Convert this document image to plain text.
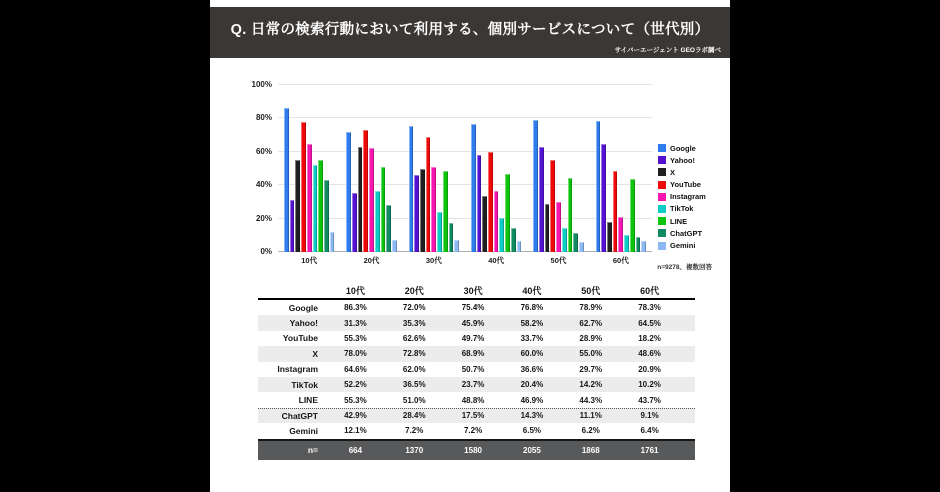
Q. 日常の検索行動において利用する、個別サービスについて（世代別）
サイバーエージェント GEOラボ調べ
0%
20%
40%
60%
80%
100%
10代	20代	30代	40代	50代	60代
Google
Yahoo!
X
YouTube
Instagram
TikTok
LINE
ChatGPT
Gemini
n=9278、複数回答
10代	20代	30代	40代	50代	60代
Google	86.3%	72.0%	75.4%	76.8%	78.9%	78.3%
Yahoo!	31.3%	35.3%	45.9%	58.2%	62.7%	64.5%
YouTube	55.3%	62.6%	49.7%	33.7%	28.9%	18.2%
X	78.0%	72.8%	68.9%	60.0%	55.0%	48.6%
Instagram	64.6%	62.0%	50.7%	36.6%	29.7%	20.9%
TikTok	52.2%	36.5%	23.7%	20.4%	14.2%	10.2%
LINE	55.3%	51.0%	48.8%	46.9%	44.3%	43.7%
ChatGPT	42.9%	28.4%	17.5%	14.3%	11.1%	9.1%
Gemini	12.1%	7.2%	7.2%	6.5%	6.2%	6.4%
n=	664	1370	1580	2055	1868	1761
